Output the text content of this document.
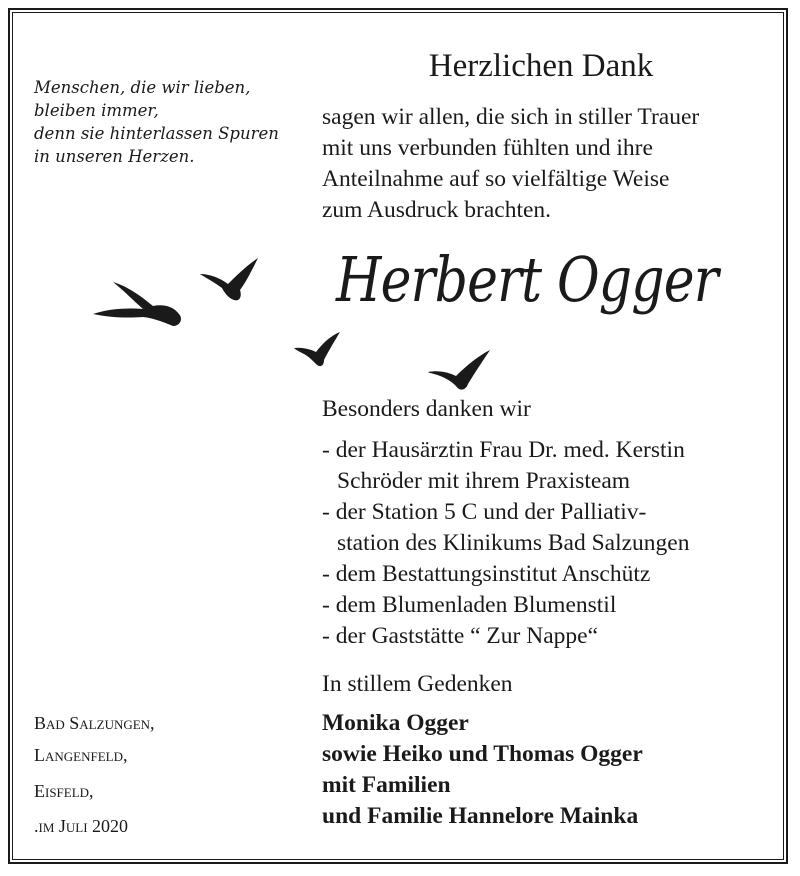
Menschen, die wir lieben,
bleiben immer,
denn sie hinterlassen Spuren
in unseren Herzen.
Herzlichen Dank
sagen wir allen, die sich in stiller Trauer
mit uns verbunden fühlten und ihre
Anteilnahme auf so vielfältige Weise
zum Ausdruck brachten.
Herbert Ogger
Besonders danken wir
- der Hausärztin Frau Dr. med. Kerstin
Schröder mit ihrem Praxisteam
- der Station 5 C und der Palliativ-
station des Klinikums Bad Salzungen
- dem Bestattungsinstitut Anschütz
- dem Blumenladen Blumenstil
- der Gaststätte “ Zur Nappe“
In stillem Gedenken
Monika Ogger
sowie Heiko und Thomas Ogger
mit Familien
und Familie Hannelore Mainka
Bad Salzungen,
Langenfeld,
Eisfeld,
.im Juli 2020
